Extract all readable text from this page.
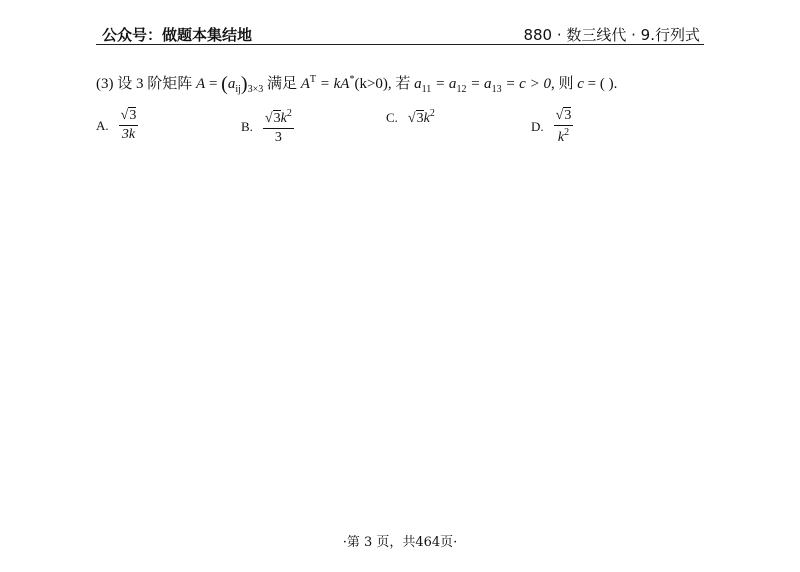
公众号：做题本集结地	880 · 数三线代 · 9.行列式
(3) 设 3 阶矩阵 $A = (a_{ij})_{3\times 3}$ 满足 $A^T = kA^*(k>0)$, 若 $a_{11} = a_{12} = a_{13} = c > 0$, 则 c = ( ).
A. $\frac{√3}{3k}$	B. $\frac{√3k^2}{3}$	C. $√3k^2$
D. $\frac{√3}{k^2}$
·第 3 页，共464页·
